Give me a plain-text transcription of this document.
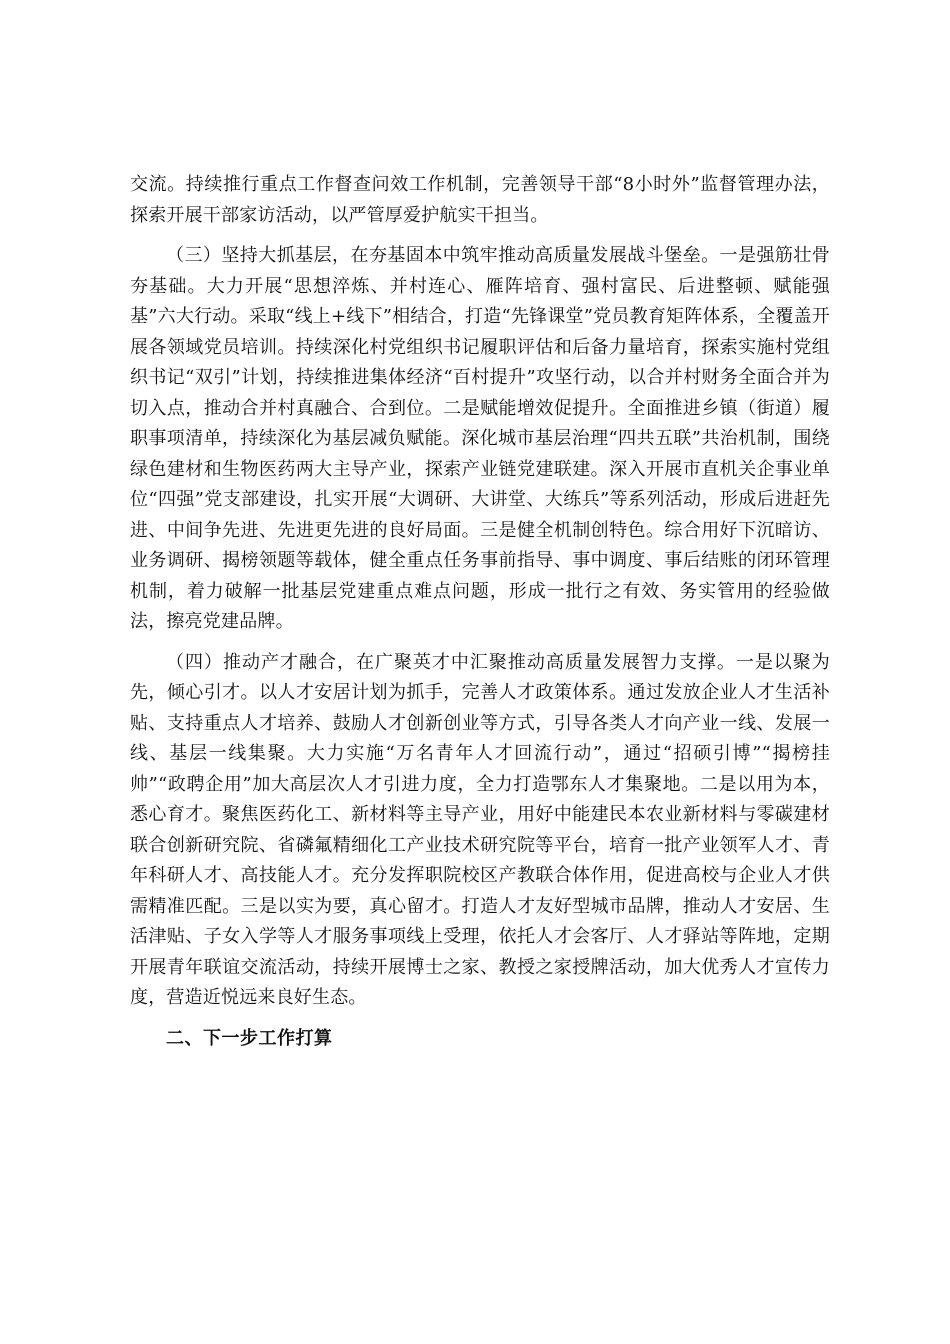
交流。持续推行重点工作督查问效工作机制，完善领导干部“8小时外”监督管理办法，探索开展干部家访活动，以严管厚爱护航实干担当。

（三）坚持大抓基层，在夯基固本中筑牢推动高质量发展战斗堡垒。一是强筋壮骨夯基础。大力开展“思想淬炼、并村连心、雁阵培育、强村富民、后进整顿、赋能强基”六大行动。采取“线上+线下”相结合，打造“先锋课堂”党员教育矩阵体系，全覆盖开展各领域党员培训。持续深化村党组织书记履职评估和后备力量培育，探索实施村党组织书记“双引”计划，持续推进集体经济“百村提升”攻坚行动，以合并村财务全面合并为切入点，推动合并村真融合、合到位。二是赋能增效促提升。全面推进乡镇（街道）履职事项清单，持续深化为基层减负赋能。深化城市基层治理“四共五联”共治机制，围绕绿色建材和生物医药两大主导产业，探索产业链党建联建。深入开展市直机关企事业单位“四强”党支部建设，扎实开展“大调研、大讲堂、大练兵”等系列活动，形成后进赶先进、中间争先进、先进更先进的良好局面。三是健全机制创特色。综合用好下沉暗访、业务调研、揭榜领题等载体，健全重点任务事前指导、事中调度、事后结账的闭环管理机制，着力破解一批基层党建重点难点问题，形成一批行之有效、务实管用的经验做法，擦亮党建品牌。

（四）推动产才融合，在广聚英才中汇聚推动高质量发展智力支撑。一是以聚为先，倾心引才。以人才安居计划为抓手，完善人才政策体系。通过发放企业人才生活补贴、支持重点人才培养、鼓励人才创新创业等方式，引导各类人才向产业一线、发展一线、基层一线集聚。大力实施“万名青年人才回流行动”，通过“招硕引博”“揭榜挂帅”“政聘企用”加大高层次人才引进力度，全力打造鄂东人才集聚地。二是以用为本，悉心育才。聚焦医药化工、新材料等主导产业，用好中能建民本农业新材料与零碳建材联合创新研究院、省磷氟精细化工产业技术研究院等平台，培育一批产业领军人才、青年科研人才、高技能人才。充分发挥职院校区产教联合体作用，促进高校与企业人才供需精准匹配。三是以实为要，真心留才。打造人才友好型城市品牌，推动人才安居、生活津贴、子女入学等人才服务事项线上受理，依托人才会客厅、人才驿站等阵地，定期开展青年联谊交流活动，持续开展博士之家、教授之家授牌活动，加大优秀人才宣传力度，营造近悦远来良好生态。

二、下一步工作打算
